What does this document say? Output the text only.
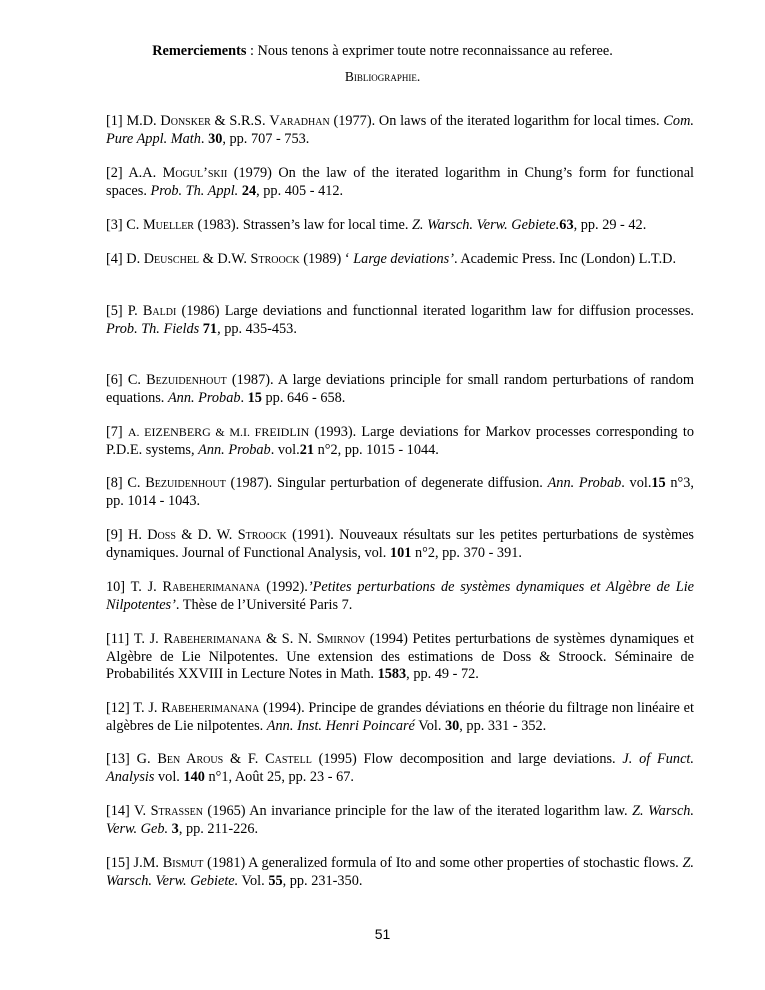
Remerciements : Nous tenons à exprimer toute notre reconnaissance au referee.
Bibliographie.
[1] M.D. Donsker & S.R.S. Varadhan (1977). On laws of the iterated logarithm for local times. Com. Pure Appl. Math. 30, pp. 707 - 753.
[2] A.A. Mogul’skii (1979) On the law of the iterated logarithm in Chung’s form for functional spaces. Prob. Th. Appl. 24, pp. 405 - 412.
[3] C. Mueller (1983). Strassen’s law for local time. Z. Warsch. Verw. Gebiete.63, pp. 29 - 42.
[4] D. Deuschel & D.W. Stroock (1989) ‘ Large deviations’. Academic Press. Inc (London) L.T.D.
[5] P. Baldi (1986) Large deviations and functionnal iterated logarithm law for diffusion processes. Prob. Th. Fields 71, pp. 435-453.
[6] C. Bezuidenhout (1987). A large deviations principle for small random perturbations of random equations. Ann. Probab. 15 pp. 646 - 658.
[7] A. EIZENBERG & M.I. FREIDLIN (1993). Large deviations for Markov processes corresponding to P.D.E. systems, Ann. Probab. vol.21 n°2, pp. 1015 - 1044.
[8] C. Bezuidenhout (1987). Singular perturbation of degenerate diffusion. Ann. Probab. vol.15 n°3, pp. 1014 - 1043.
[9] H. Doss & D. W. Stroock (1991). Nouveaux résultats sur les petites perturbations de systèmes dynamiques. Journal of Functional Analysis, vol. 101 n°2, pp. 370 - 391.
10] T. J. Rabeherimanana (1992).’Petites perturbations de systèmes dynamiques et Algèbre de Lie Nilpotentes’. Thèse de l’Université Paris 7.
[11] T. J. Rabeherimanana & S. N. Smirnov (1994) Petites perturbations de systèmes dynamiques et Algèbre de Lie Nilpotentes. Une extension des estimations de Doss & Stroock. Séminaire de Probabilités XXVIII in Lecture Notes in Math. 1583, pp. 49 - 72.
[12] T. J. Rabeherimanana (1994). Principe de grandes déviations en théorie du filtrage non linéaire et algèbres de Lie nilpotentes. Ann. Inst. Henri Poincaré Vol. 30, pp. 331 - 352.
[13] G. Ben Arous & F. Castell (1995) Flow decomposition and large deviations. J. of Funct. Analysis vol. 140 n°1, Août 25, pp. 23 - 67.
[14] V. Strassen (1965) An invariance principle for the law of the iterated logarithm law. Z. Warsch. Verw. Geb. 3, pp. 211-226.
[15] J.M. Bismut (1981) A generalized formula of Ito and some other properties of stochastic flows. Z. Warsch. Verw. Gebiete. Vol. 55, pp. 231-350.
51
